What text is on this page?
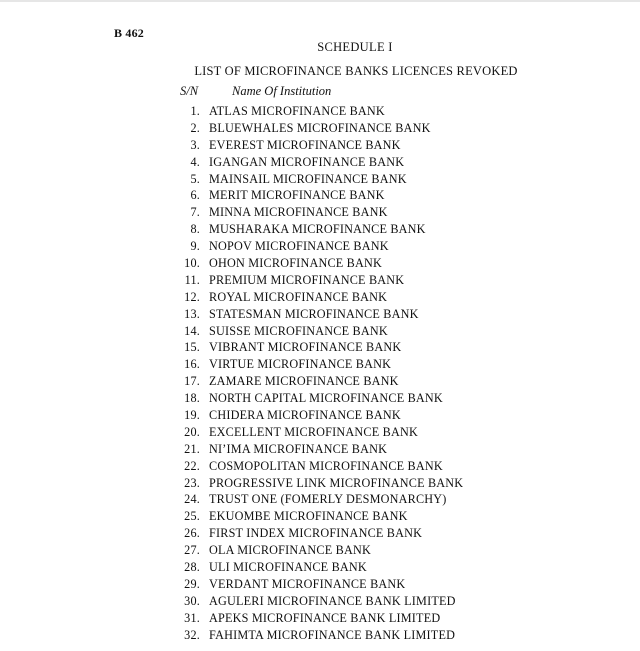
B 462
SCHEDULE I
LIST OF MICROFINANCE BANKS LICENCES REVOKED
S/N	Name Of Institution
1. ATLAS MICROFINANCE BANK
2. BLUEWHALES MICROFINANCE BANK
3. EVEREST MICROFINANCE BANK
4. IGANGAN MICROFINANCE BANK
5. MAINSAIL MICROFINANCE BANK
6. MERIT MICROFINANCE BANK
7. MINNA MICROFINANCE BANK
8. MUSHARAKA MICROFINANCE BANK
9. NOPOV MICROFINANCE BANK
10. OHON MICROFINANCE BANK
11. PREMIUM MICROFINANCE BANK
12. ROYAL MICROFINANCE BANK
13. STATESMAN MICROFINANCE BANK
14. SUISSE MICROFINANCE BANK
15. VIBRANT MICROFINANCE BANK
16. VIRTUE MICROFINANCE BANK
17. ZAMARE MICROFINANCE BANK
18. NORTH CAPITAL MICROFINANCE BANK
19. CHIDERA MICROFINANCE BANK
20. EXCELLENT MICROFINANCE BANK
21. NI’IMA MICROFINANCE BANK
22. COSMOPOLITAN MICROFINANCE BANK
23. PROGRESSIVE LINK MICROFINANCE BANK
24. TRUST ONE (FOMERLY DESMONARCHY)
25. EKUOMBE MICROFINANCE BANK
26. FIRST INDEX MICROFINANCE BANK
27. OLA MICROFINANCE BANK
28. ULI MICROFINANCE BANK
29. VERDANT MICROFINANCE BANK
30. AGULERI MICROFINANCE BANK LIMITED
31. APEKS MICROFINANCE BANK LIMITED
32. FAHIMTA MICROFINANCE BANK LIMITED
